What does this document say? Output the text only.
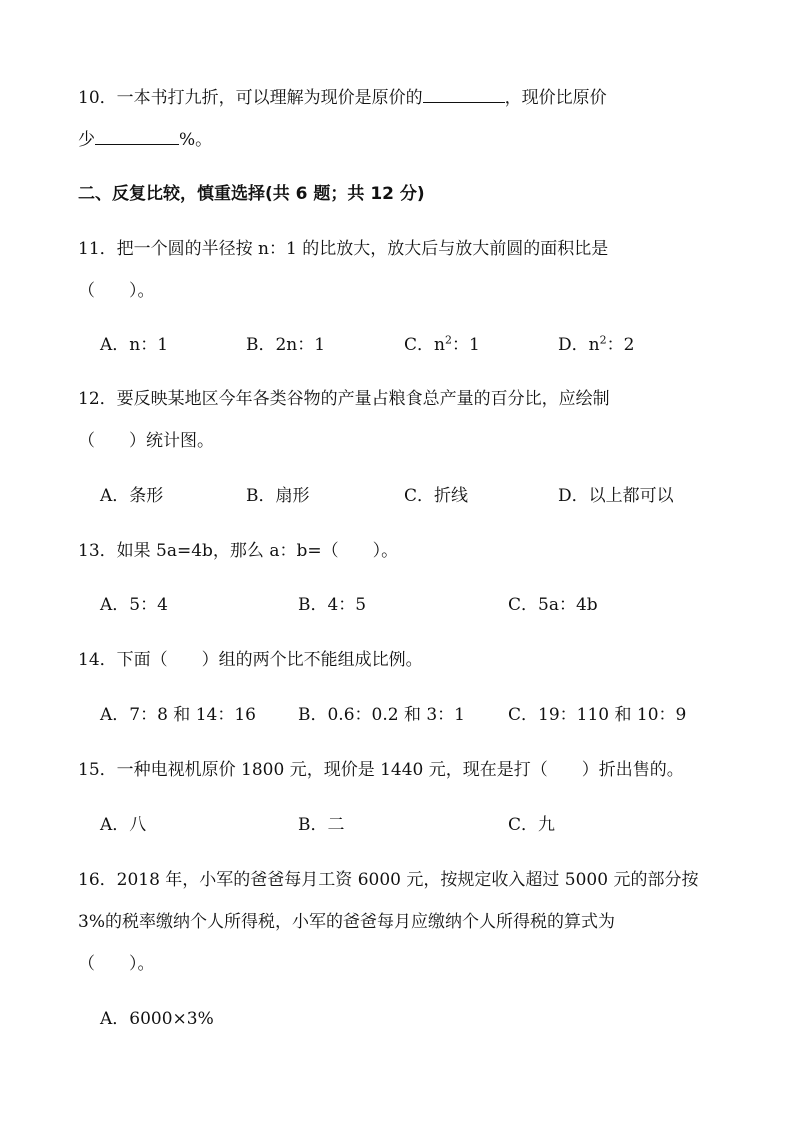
10．一本书打九折，可以理解为现价是原价的	，现价比原价
少	%。
二、反复比较，慎重选择(共 6 题；共 12 分)
11．把一个圆的半径按 n：1 的比放大，放大后与放大前圆的面积比是
（　　）。
A．n：1	B．2n：1	C．$n^2$：1	D．$n^2$：2
12．要反映某地区今年各类谷物的产量占粮食总产量的百分比，应绘制
（　　）统计图。
A．条形	B．扇形	C．折线	D．以上都可以
13．如果 5a=4b，那么 a：b=（　　）。
A．5：4	B．4：5	C．5a：4b
14．下面（　　）组的两个比不能组成比例。
A．7：8 和 14：16 B．0.6：0.2 和 3：1	C．19：110 和 10：9
15．一种电视机原价 1800 元，现价是 1440 元，现在是打（　　）折出售的。
A．八	B．二	C．九
16．2018 年，小军的爸爸每月工资 6000 元，按规定收入超过 5000 元的部分按
3%的税率缴纳个人所得税，小军的爸爸每月应缴纳个人所得税的算式为
（　　）。
A．6000×3%
